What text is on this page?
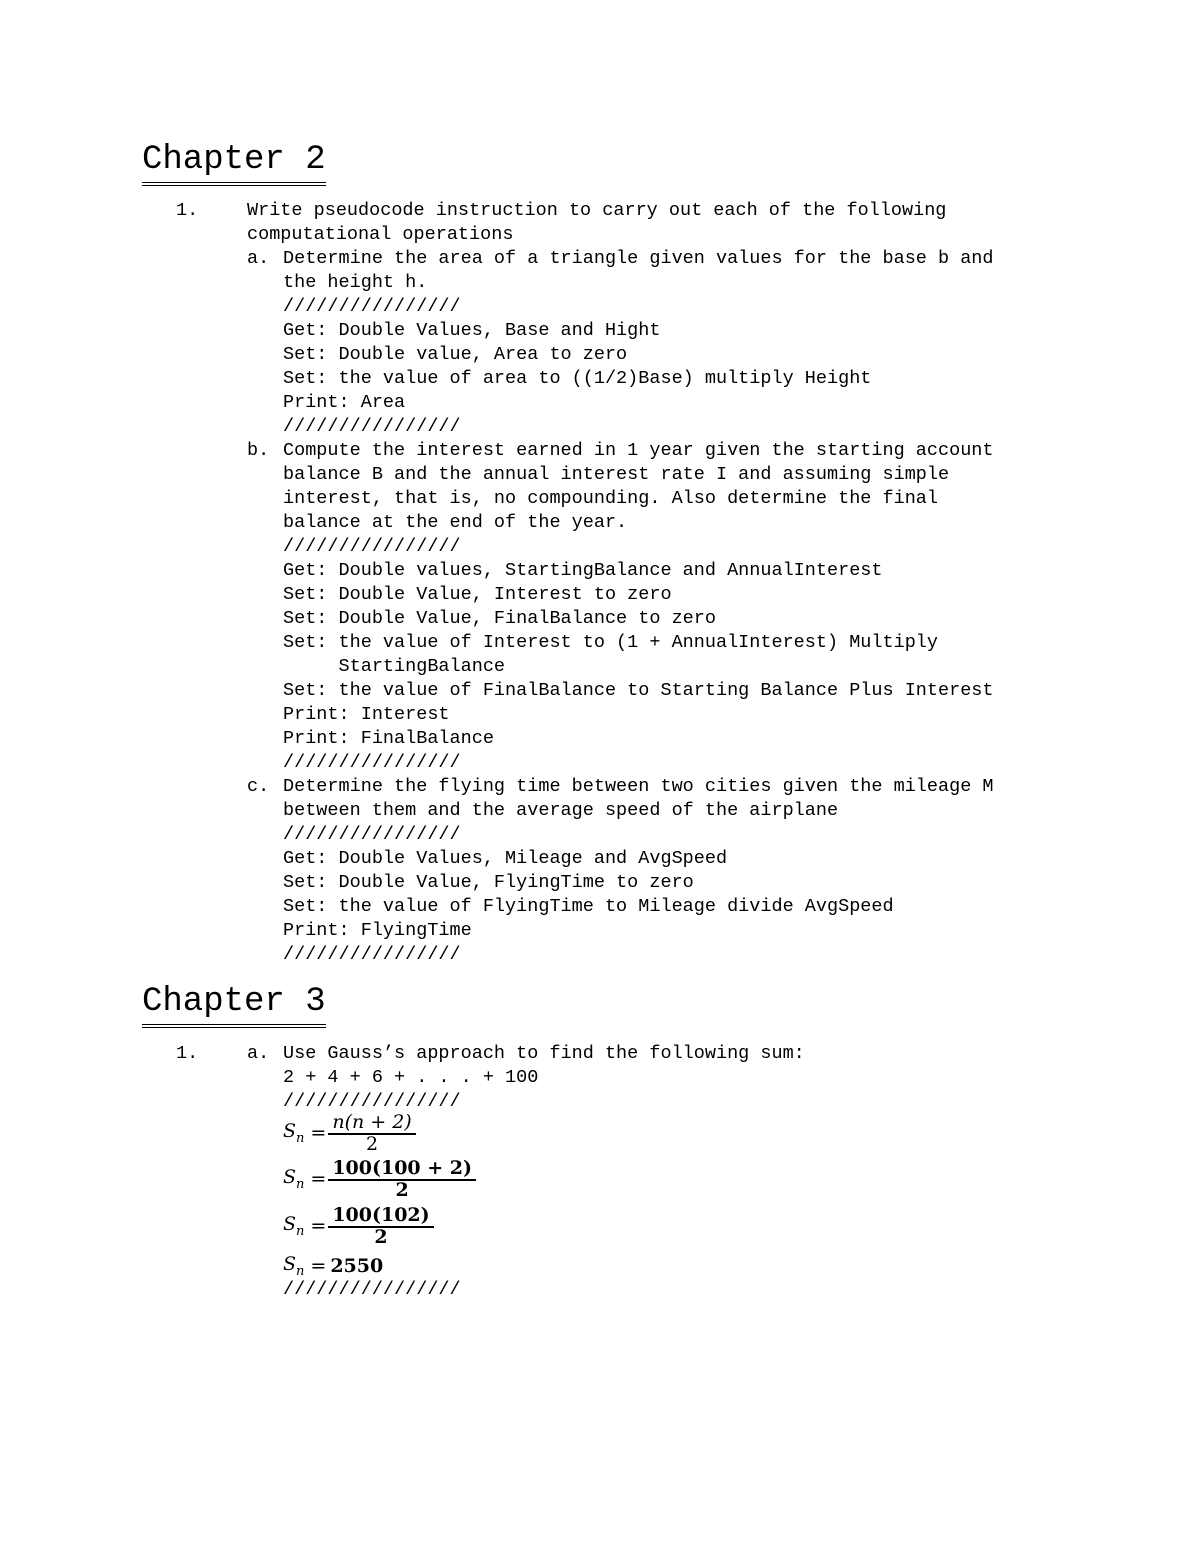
Chapter 2
1.	Write pseudocode instruction to carry out each of the following
computational operations
a. Determine the area of a triangle given values for the base b and
the height h.
////////////////
Get: Double Values, Base and Hight
Set: Double value, Area to zero
Set: the value of area to ((1/2)Base) multiply Height
Print: Area
////////////////
b. Compute the interest earned in 1 year given the starting account
balance B and the annual interest rate I and assuming simple
interest, that is, no compounding. Also determine the final
balance at the end of the year.
////////////////
Get: Double values, StartingBalance and AnnualInterest
Set: Double Value, Interest to zero
Set: Double Value, FinalBalance to zero
Set: the value of Interest to (1 + AnnualInterest) Multiply
StartingBalance
Set: the value of FinalBalance to Starting Balance Plus Interest
Print: Interest
Print: FinalBalance
////////////////
c. Determine the flying time between two cities given the mileage M
between them and the average speed of the airplane
////////////////
Get: Double Values, Mileage and AvgSpeed
Set: Double Value, FlyingTime to zero
Set: the value of FlyingTime to Mileage divide AvgSpeed
Print: FlyingTime
////////////////
Chapter 3
1.	a. Use Gauss’s approach to find the following sum:
2 + 4 + 6 + . . . + 100
////////////////
$S_n = \frac{n(n + 2)}{2}$
$S_n = \frac{100(100 + 2)}{2}$
$S_n = \frac{100(102)}{2}$
$S_n = 2550$
////////////////
